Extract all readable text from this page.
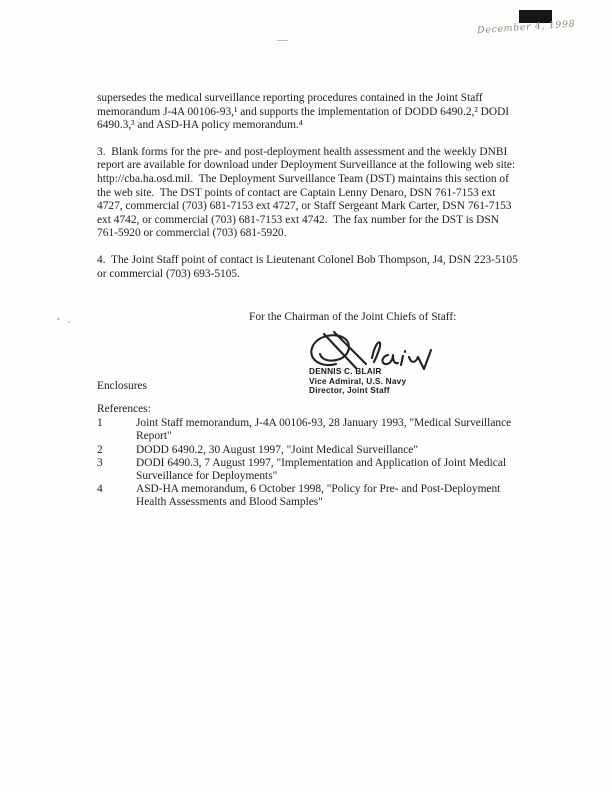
December 4, 1998

supersedes the medical surveillance reporting procedures contained in the Joint Staff memorandum J-4A 00106-93,¹ and supports the implementation of DODD 6490.2,² DODI 6490.3,³ and ASD-HA policy memorandum.⁴

3.  Blank forms for the pre- and post-deployment health assessment and the weekly DNBI report are available for download under Deployment Surveillance at the following web site: http://cba.ha.osd.mil.  The Deployment Surveillance Team (DST) maintains this section of the web site.  The DST points of contact are Captain Lenny Denaro, DSN 761-7153 ext 4727, commercial (703) 681-7153 ext 4727, or Staff Sergeant Mark Carter, DSN 761-7153 ext 4742, or commercial (703) 681-7153 ext 4742.  The fax number for the DST is DSN 761-5920 or commercial (703) 681-5920.

4.  The Joint Staff point of contact is Lieutenant Colonel Bob Thompson, J4, DSN 223-5105 or commercial (703) 693-5105.

For the Chairman of the Joint Chiefs of Staff:
DENNIS C. BLAIR
Vice Admiral, U.S. Navy
Director, Joint Staff
Enclosures
References:
1	Joint Staff memorandum, J-4A 00106-93, 28 January 1993, "Medical Surveillance Report"
2	DODD 6490.2, 30 August 1997, "Joint Medical Surveillance"
3	DODI 6490.3, 7 August 1997, "Implementation and Application of Joint Medical Surveillance for Deployments"
4	ASD-HA memorandum, 6 October 1998, "Policy for Pre- and Post-Deployment Health Assessments and Blood Samples"
